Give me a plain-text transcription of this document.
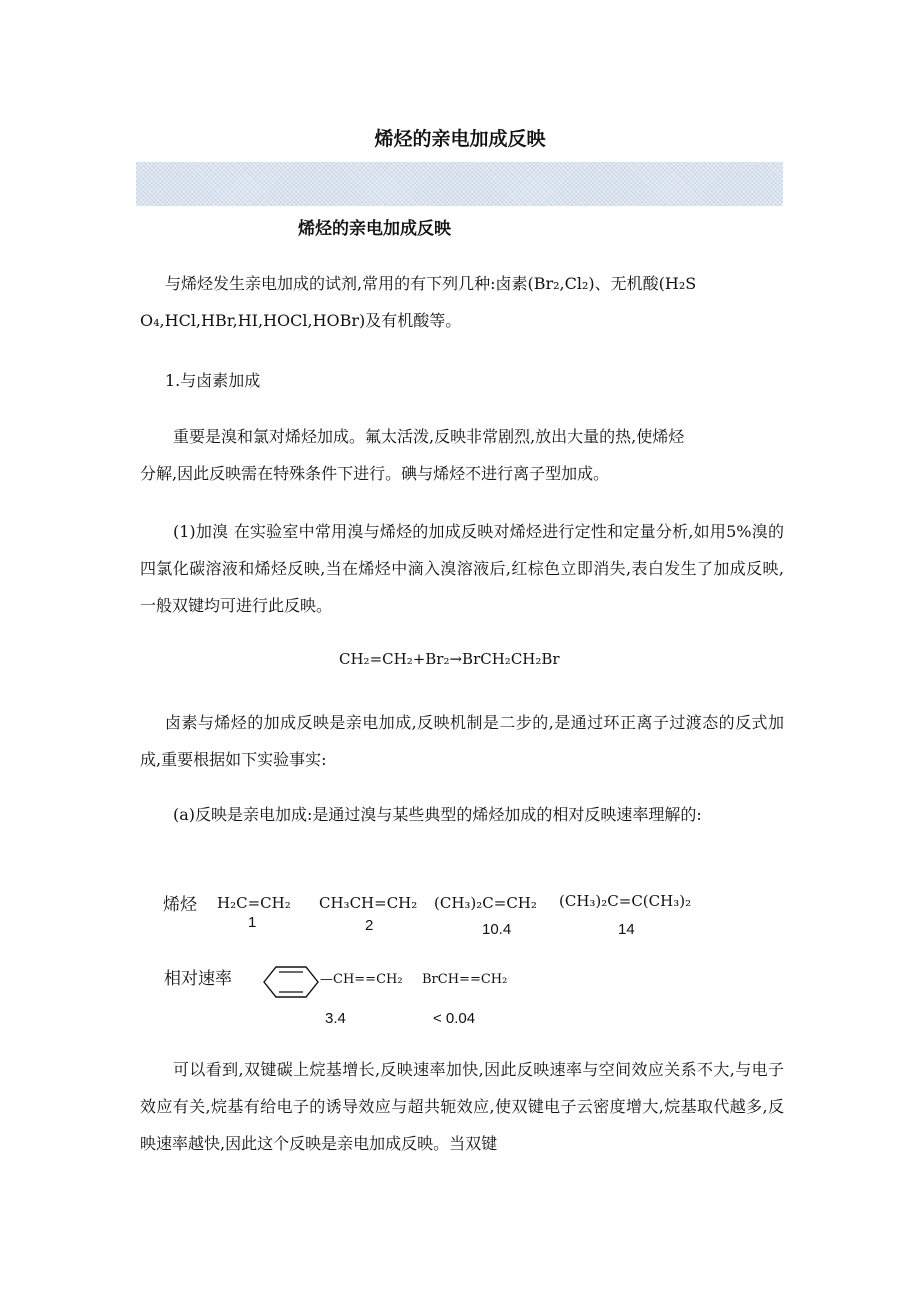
烯烃的亲电加成反映
烯烃的亲电加成反映
与烯烃发生亲电加成的试剂,常用的有下列几种:卤素(Br₂,Cl₂)、无机酸(H₂S
O₄,HCl,HBr,HI,HOCl,HOBr)及有机酸等。
1.与卤素加成
重要是溴和氯对烯烃加成。氟太活泼,反映非常剧烈,放出大量的热,使烯烃
分解,因此反映需在特殊条件下进行。碘与烯烃不进行离子型加成。

(1)加溴 在实验室中常用溴与烯烃的加成反映对烯烃进行定性和定量分析,如用5%溴的四氯化碳溶液和烯烃反映,当在烯烃中滴入溴溶液后,红棕色立即消失,表白发生了加成反映,一般双键均可进行此反映。

CH₂=CH₂+Br₂→BrCH₂CH₂Br

卤素与烯烃的加成反映是亲电加成,反映机制是二步的,是通过环正离子过渡态的反式加成,重要根据如下实验事实:

(a)反映是亲电加成:是通过溴与某些典型的烯烃加成的相对反映速率理解的:

烯烃 H₂C=CH₂
1
CH₃CH=CH₂
2
(CH₃)₂C=CH₂
10.4
(CH₃)₂C=C(CH₃)₂
14
相对速率	—CH==CH₂
3.4
BrCH==CH₂
< 0.04

可以看到,双键碳上烷基增长,反映速率加快,因此反映速率与空间效应关系不大,与电子效应有关,烷基有给电子的诱导效应与超共轭效应,使双键电子云密度增大,烷基取代越多,反映速率越快,因此这个反映是亲电加成反映。当双键
